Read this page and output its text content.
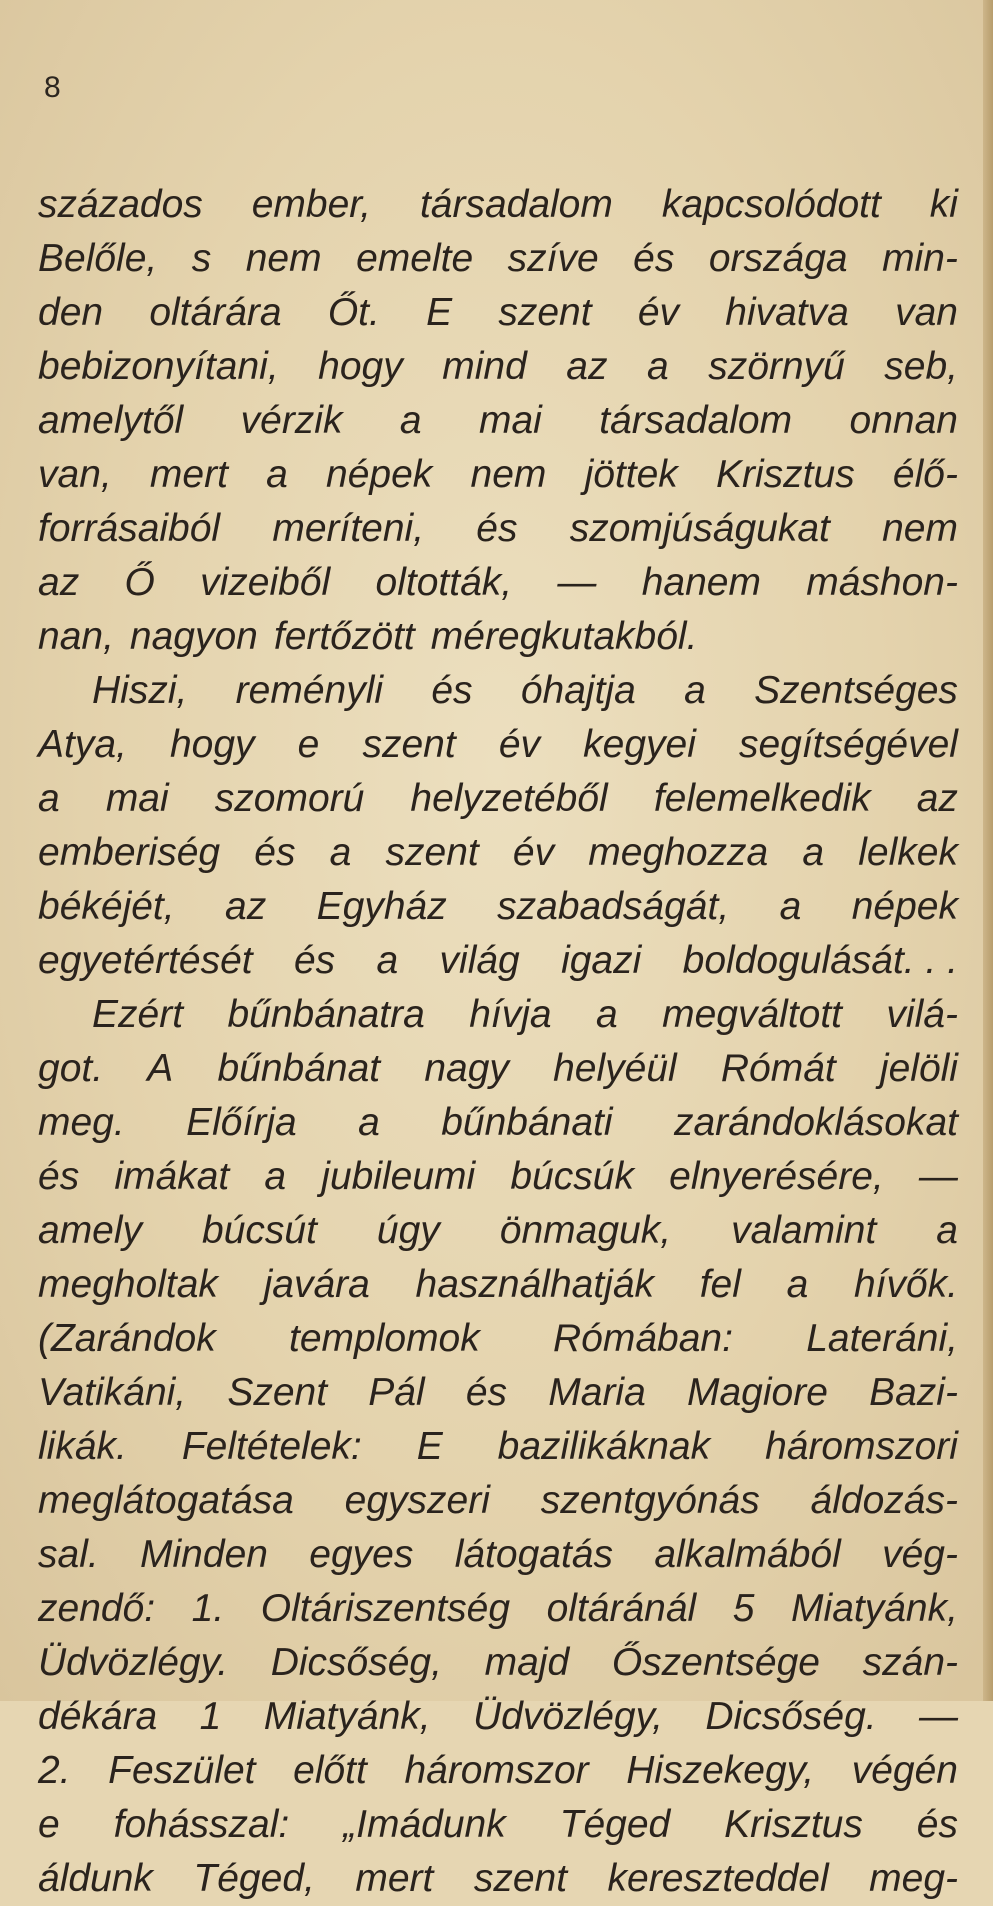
8
százados ember, társadalom kapcsolódott ki
Belőle, s nem emelte szíve és országa min-
den oltárára Őt. E szent év hivatva van
bebizonyítani, hogy mind az a szörnyű seb,
amelytől vérzik a mai társadalom onnan
van, mert a népek nem jöttek Krisztus élő-
forrásaiból meríteni, és szomjúságukat nem
az Ő vizeiből oltották, — hanem máshon-
nan, nagyon fertőzött méregkutakból.
Hiszi, reményli és óhajtja a Szentséges
Atya, hogy e szent év kegyei segítségével
a mai szomorú helyzetéből felemelkedik az
emberiség és a szent év meghozza a lelkek
békéjét, az Egyház szabadságát, a népek
egyetértését és a világ igazi boldogulását. . .
Ezért bűnbánatra hívja a megváltott vilá-
got. A bűnbánat nagy helyéül Rómát jelöli
meg. Előírja a bűnbánati zarándoklásokat
és imákat a jubileumi búcsúk elnyerésére, —
amely búcsút úgy önmaguk, valamint a
megholtak javára használhatják fel a hívők.
(Zarándok templomok Rómában: Lateráni,
Vatikáni, Szent Pál és Maria Magiore Bazi-
likák. Feltételek: E bazilikáknak háromszori
meglátogatása egyszeri szentgyónás áldozás-
sal. Minden egyes látogatás alkalmából vég-
zendő: 1. Oltáriszentség oltáránál 5 Miatyánk,
Üdvözlégy. Dicsőség, majd Őszentsége szán-
dékára 1 Miatyánk, Üdvözlégy, Dicsőség. —
2. Feszület előtt háromszor Hiszekegy, végén
e fohásszal: „Imádunk Téged Krisztus és
áldunk Téged, mert szent kereszteddel meg-
